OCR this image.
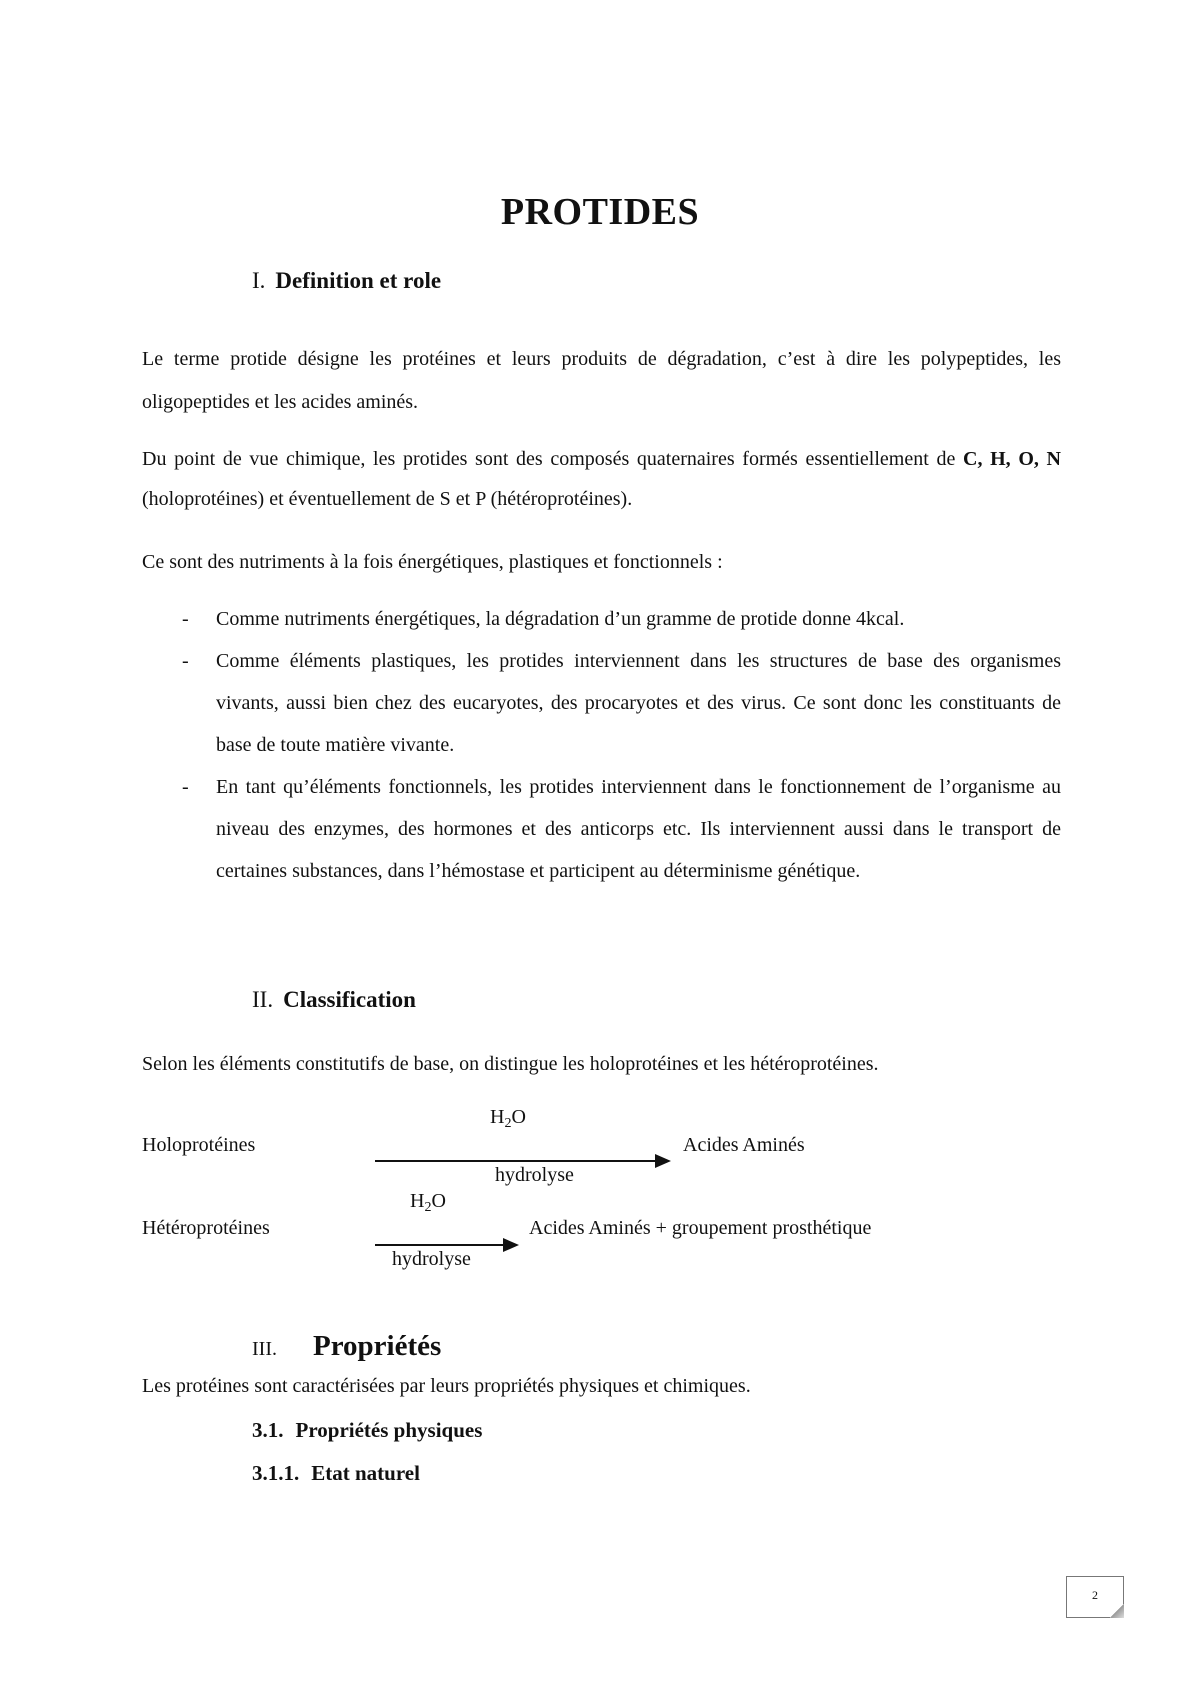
PROTIDES
I. Definition et role
Le terme protide désigne les protéines et leurs produits de dégradation, c’est à dire les polypeptides, les oligopeptides et les acides aminés.
Du point de vue chimique, les protides sont des composés quaternaires formés essentiellement de C, H, O, N (holoprotéines) et éventuellement de S et P (hétéroprotéines).
Ce sont des nutriments à la fois énergétiques, plastiques et fonctionnels :
- Comme nutriments énergétiques, la dégradation d’un gramme de protide donne 4kcal.
- Comme éléments plastiques, les protides interviennent dans les structures de base des organismes vivants, aussi bien chez des eucaryotes, des procaryotes et des virus. Ce sont donc les constituants de base de toute matière vivante.
- En tant qu’éléments fonctionnels, les protides interviennent dans le fonctionnement de l’organisme au niveau des enzymes, des hormones et des anticorps etc. Ils interviennent aussi dans le transport de certaines substances, dans l’hémostase et participent au déterminisme génétique.
II. Classification
Selon les éléments constitutifs de base, on distingue les holoprotéines et les hétéroprotéines.
$H_2O$
Holoprotéines	Acides Aminés
hydrolyse
$H_2O$
Hétéroprotéines	Acides Aminés + groupement prosthétique
hydrolyse
III. Propriétés
Les protéines sont caractérisées par leurs propriétés physiques et chimiques.
3.1. Propriétés physiques
3.1.1. Etat naturel
2
